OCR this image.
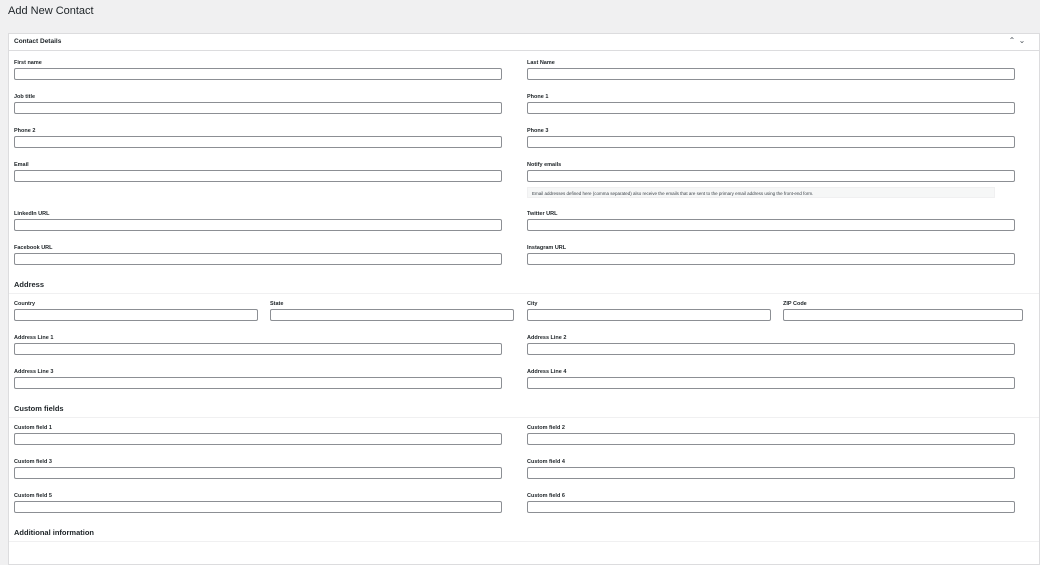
Add New Contact
Contact Details	⌃⌄
First name	Last Name
Job title	Phone 1
Phone 2	Phone 3
Email	Notify emails
Email addresses defined here (comma separated) also receive the emails that are sent to the primary email address using the front-end form.
LinkedIn URL	Twitter URL
Facebook URL	Instagram URL
Address
Country	State	City	ZIP Code
Address Line 1	Address Line 2
Address Line 3	Address Line 4
Custom fields
Custom field 1	Custom field 2
Custom field 3	Custom field 4
Custom field 5	Custom field 6
Additional information
